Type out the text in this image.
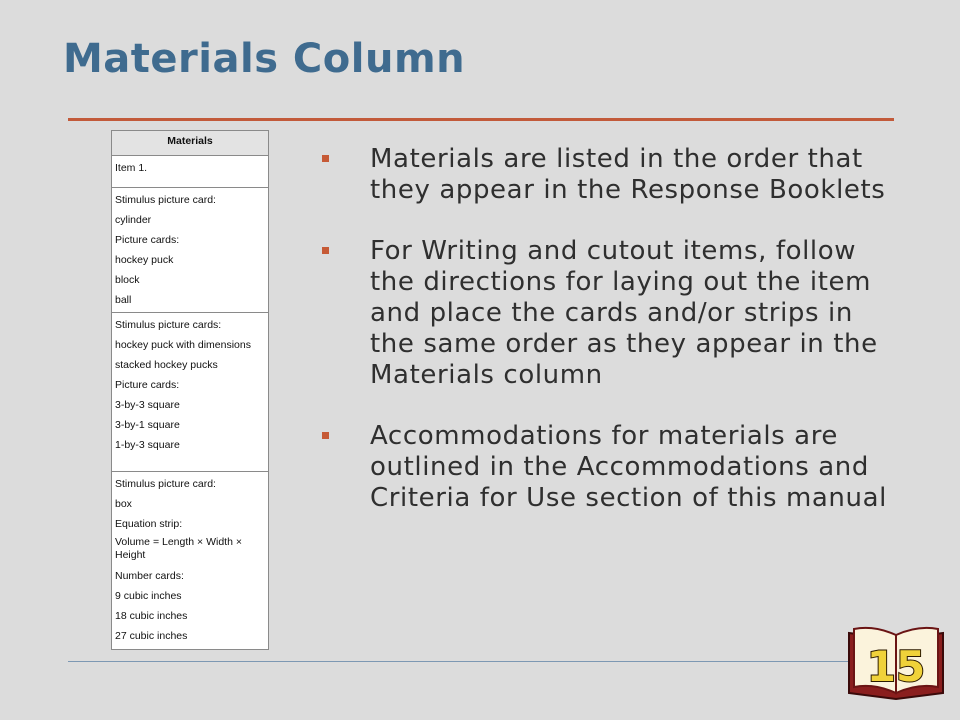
Materials Column
Materials
Item 1.
Stimulus picture card:
cylinder
Picture cards:
hockey puck
block
ball
Stimulus picture cards:
hockey puck with dimensions
stacked hockey pucks
Picture cards:
3-by-3 square
3-by-1 square
1-by-3 square
Stimulus picture card:
box
Equation strip:
Volume = Length × Width × Height
Number cards:
9 cubic inches
18 cubic inches
27 cubic inches
Materials are listed in the order that they appear in the Response Booklets
For Writing and cutout items, follow the directions for laying out the item and place the cards and/or strips in the same order as they appear in the Materials column
Accommodations for materials are outlined in the Accommodations and Criteria for Use section of this manual
15
